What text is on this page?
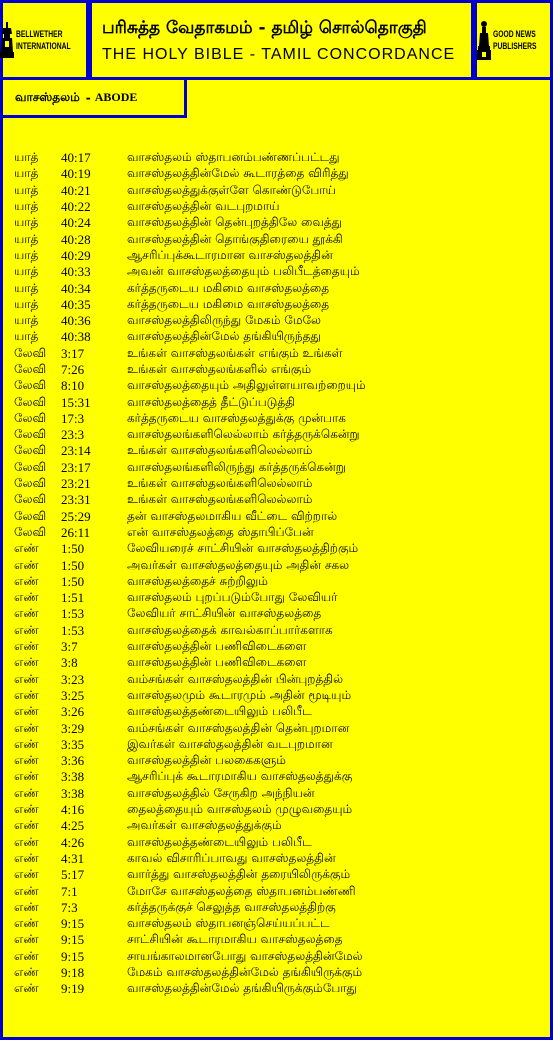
BELLWETHER
INTERNATIONAL
பரிசுத்த வேதாகமம் - தமிழ் சொல்தொகுதி
THE HOLY BIBLE - TAMIL CONCORDANCE
GOOD NEWS
PUBLISHERS
வாசஸ்தலம் - ABODE
யாத்	40:17	வாசஸ்தலம் ஸ்தாபனம்பண்ணப்பட்டது
யாத்	40:19	வாசஸ்தலத்தின்மேல் கூடாரத்தை விரித்து
யாத்	40:21	வாசஸ்தலத்துக்குள்ளே கொண்டுபோய்
யாத்	40:22	வாசஸ்தலத்தின் வடபுறமாய்
யாத்	40:24	வாசஸ்தலத்தின் தென்புறத்திலே வைத்து
யாத்	40:28	வாசஸ்தலத்தின் தொங்குதிரையை தூக்கி
யாத்	40:29	ஆசரிப்புக்கூடாரமான வாசஸ்தலத்தின்
யாத்	40:33	அவன் வாசஸ்தலத்தையும் பலிபீடத்தையும்
யாத்	40:34	கர்த்தருடைய மகிமை வாசஸ்தலத்தை
யாத்	40:35	கர்த்தருடைய மகிமை வாசஸ்தலத்தை
யாத்	40:36	வாசஸ்தலத்திலிருந்து மேகம் மேலே
யாத்	40:38	வாசஸ்தலத்தின்மேல் தங்கியிருந்தது
லேவி	3:17	உங்கள் வாசஸ்தலங்கள் எங்கும் உங்கள்
லேவி	7:26	உங்கள் வாசஸ்தலங்களில் எங்கும்
லேவி	8:10	வாசஸ்தலத்தையும் அதிலுள்ளயாவற்றையும்
லேவி	15:31	வாசஸ்தலத்தைத் தீட்டுப்படுத்தி
லேவி	17:3	கர்த்தருடைய வாசஸ்தலத்துக்கு முன்பாக
லேவி	23:3	வாசஸ்தலங்களிலெல்லாம் கர்த்தருக்கென்று
லேவி	23:14	உங்கள் வாசஸ்தலங்களிலெல்லாம்
லேவி	23:17	வாசஸ்தலங்களிலிருந்து கர்த்தருக்கென்று
லேவி	23:21	உங்கள் வாசஸ்தலங்களிலெல்லாம்
லேவி	23:31	உங்கள் வாசஸ்தலங்களிலெல்லாம்
லேவி	25:29	தன் வாசஸ்தலமாகிய வீட்டை விற்றால்
லேவி	26:11	என் வாசஸ்தலத்தை ஸ்தாபிப்பேன்
எண்	1:50	லேவியரைச் சாட்சியின் வாசஸ்தலத்திற்கும்
எண்	1:50	அவர்கள் வாசஸ்தலத்தையும் அதின் சகல
எண்	1:50	வாசஸ்தலத்தைச் சுற்றிலும்
எண்	1:51	வாசஸ்தலம் புறப்படும்போது லேவியர்
எண்	1:53	லேவியர் சாட்சியின் வாசஸ்தலத்தை
எண்	1:53	வாசஸ்தலத்தைக் காவல்காப்பார்களாக
எண்	3:7	வாசஸ்தலத்தின் பணிவிடைகளை
எண்	3:8	வாசஸ்தலத்தின் பணிவிடைகளை
எண்	3:23	வம்சங்கள் வாசஸ்தலத்தின் பின்புறத்தில்
எண்	3:25	வாசஸ்தலமும் கூடாரமும் அதின் மூடியும்
எண்	3:26	வாசஸ்தலத்தண்டையிலும் பலிபீட
எண்	3:29	வம்சங்கள் வாசஸ்தலத்தின் தென்புறமான
எண்	3:35	இவர்கள் வாசஸ்தலத்தின் வடபுறமான
எண்	3:36	வாசஸ்தலத்தின் பலகைகளும்
எண்	3:38	ஆசரிப்புக் கூடாரமாகிய வாசஸ்தலத்துக்கு
எண்	3:38	வாசஸ்தலத்தில் சேருகிற அந்நியன்
எண்	4:16	தைலத்தையும் வாசஸ்தலம் முழுவதையும்
எண்	4:25	அவர்கள் வாசஸ்தலத்துக்கும்
எண்	4:26	வாசஸ்தலத்தண்டையிலும் பலிபீட
எண்	4:31	காவல் விசாரிப்பாவது வாசஸ்தலத்தின்
எண்	5:17	வார்த்து வாசஸ்தலத்தின் தரையிலிருக்கும்
எண்	7:1	மோசே வாசஸ்தலத்தை ஸ்தாபனம்பண்ணி
எண்	7:3	கர்த்தருக்குச் செலுத்த வாசஸ்தலத்திற்கு
எண்	9:15	வாசஸ்தலம் ஸ்தாபனஞ்செய்யப்பட்ட
எண்	9:15	சாட்சியின் கூடாரமாகிய வாசஸ்தலத்தை
எண்	9:15	சாயங்காலமானபோது வாசஸ்தலத்தின்மேல்
எண்	9:18	மேகம் வாசஸ்தலத்தின்மேல் தங்கியிருக்கும்
எண்	9:19	வாசஸ்தலத்தின்மேல் தங்கியிருக்கும்போது
